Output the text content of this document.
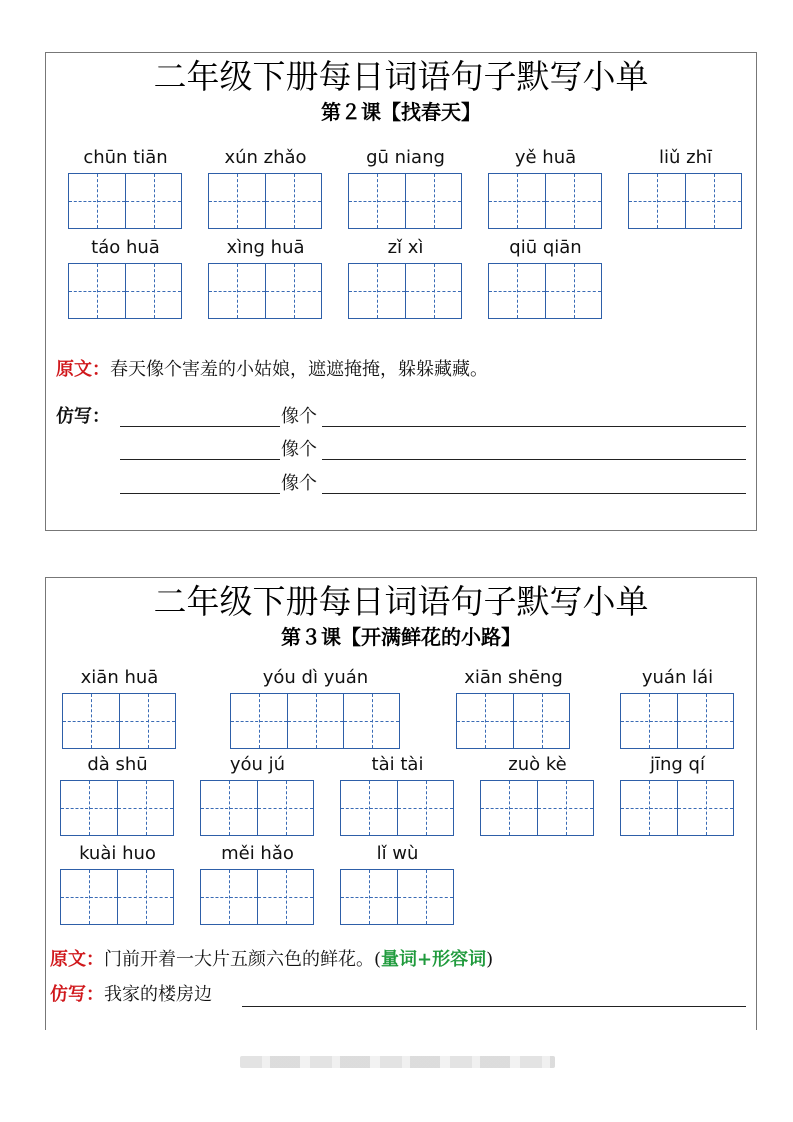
二年级下册每日词语句子默写小单
第２课【找春天】
chūn tiān	xún zhǎo	gū niang	yě huā	liǔ zhī
táo huā	xìng huā	zǐ xì	qiū qiān
原文：春天像个害羞的小姑娘，遮遮掩掩，躲躲藏藏。
仿写：	像个
像个
像个
二年级下册每日词语句子默写小单
第３课【开满鲜花的小路】
xiān huā	yóu dì yuán	xiān shēng	yuán lái
dà shū	yóu jú	tài tài	zuò kè	jīng qí
kuài huo	měi hǎo	lǐ wù
原文：门前开着一大片五颜六色的鲜花。(量词+形容词)
仿写：我家的楼房边
